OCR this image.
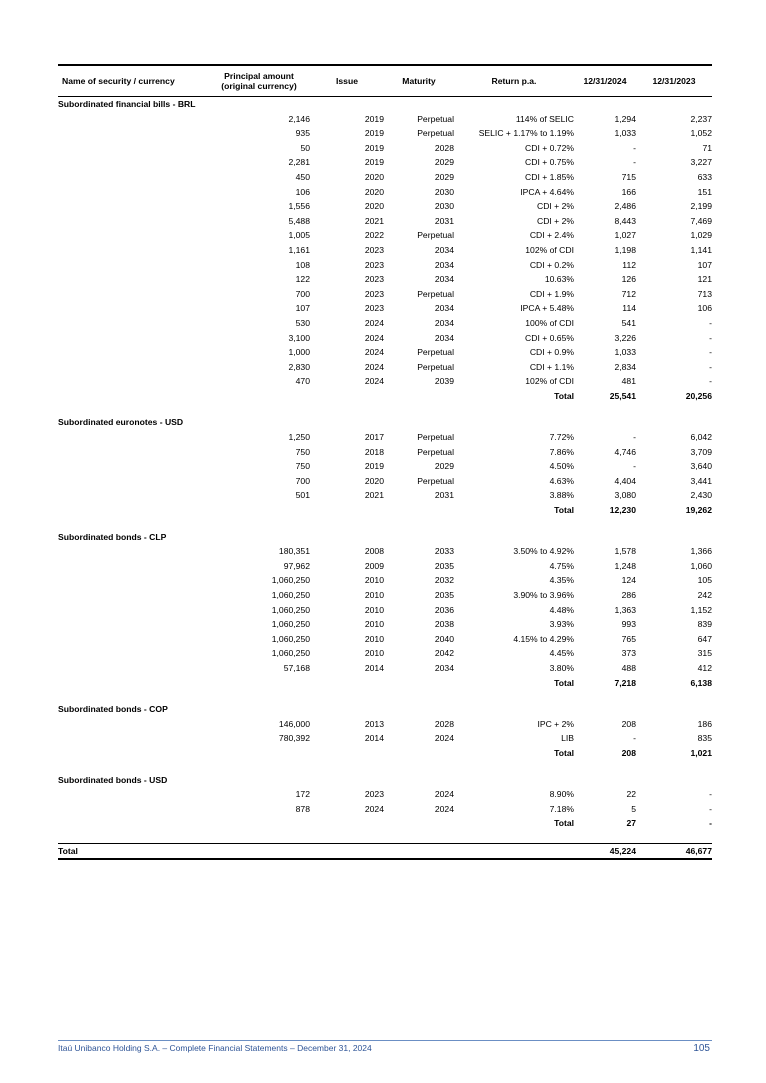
Name of security / currency	Principal amount
(original currency)	Issue	Maturity	Return p.a.	12/31/2024	12/31/2023
Subordinated financial bills - BRL						
	2,146	2019	Perpetual	114% of SELIC	1,294	2,237
	935	2019	Perpetual	SELIC + 1.17% to 1.19%	1,033	1,052
	50	2019	2028	CDI + 0.72%	-	71
	2,281	2019	2029	CDI + 0.75%	-	3,227
	450	2020	2029	CDI + 1.85%	715	633
	106	2020	2030	IPCA + 4.64%	166	151
	1,556	2020	2030	CDI + 2%	2,486	2,199
	5,488	2021	2031	CDI + 2%	8,443	7,469
	1,005	2022	Perpetual	CDI + 2.4%	1,027	1,029
	1,161	2023	2034	102% of CDI	1,198	1,141
	108	2023	2034	CDI + 0.2%	112	107
	122	2023	2034	10.63%	126	121
	700	2023	Perpetual	CDI + 1.9%	712	713
	107	2023	2034	IPCA + 5.48%	114	106
	530	2024	2034	100% of CDI	541	-
	3,100	2024	2034	CDI + 0.65%	3,226	-
	1,000	2024	Perpetual	CDI + 0.9%	1,033	-
	2,830	2024	Perpetual	CDI + 1.1%	2,834	-
	470	2024	2039	102% of CDI	481	-
				Total	25,541	20,256

Subordinated euronotes - USD						
	1,250	2017	Perpetual	7.72%	-	6,042
	750	2018	Perpetual	7.86%	4,746	3,709
	750	2019	2029	4.50%	-	3,640
	700	2020	Perpetual	4.63%	4,404	3,441
	501	2021	2031	3.88%	3,080	2,430
				Total	12,230	19,262

Subordinated bonds - CLP						
	180,351	2008	2033	3.50% to 4.92%	1,578	1,366
	97,962	2009	2035	4.75%	1,248	1,060
	1,060,250	2010	2032	4.35%	124	105
	1,060,250	2010	2035	3.90% to 3.96%	286	242
	1,060,250	2010	2036	4.48%	1,363	1,152
	1,060,250	2010	2038	3.93%	993	839
	1,060,250	2010	2040	4.15% to 4.29%	765	647
	1,060,250	2010	2042	4.45%	373	315
	57,168	2014	2034	3.80%	488	412
				Total	7,218	6,138

Subordinated bonds - COP						
	146,000	2013	2028	IPC + 2%	208	186
	780,392	2014	2024	LIB	-	835
				Total	208	1,021

Subordinated bonds - USD						
	172	2023	2024	8.90%	22	-
	878	2024	2024	7.18%	5	-
				Total	27	-

Total					45,224	46,677
Itaú Unibanco Holding S.A. – Complete Financial Statements – December 31, 2024	105
